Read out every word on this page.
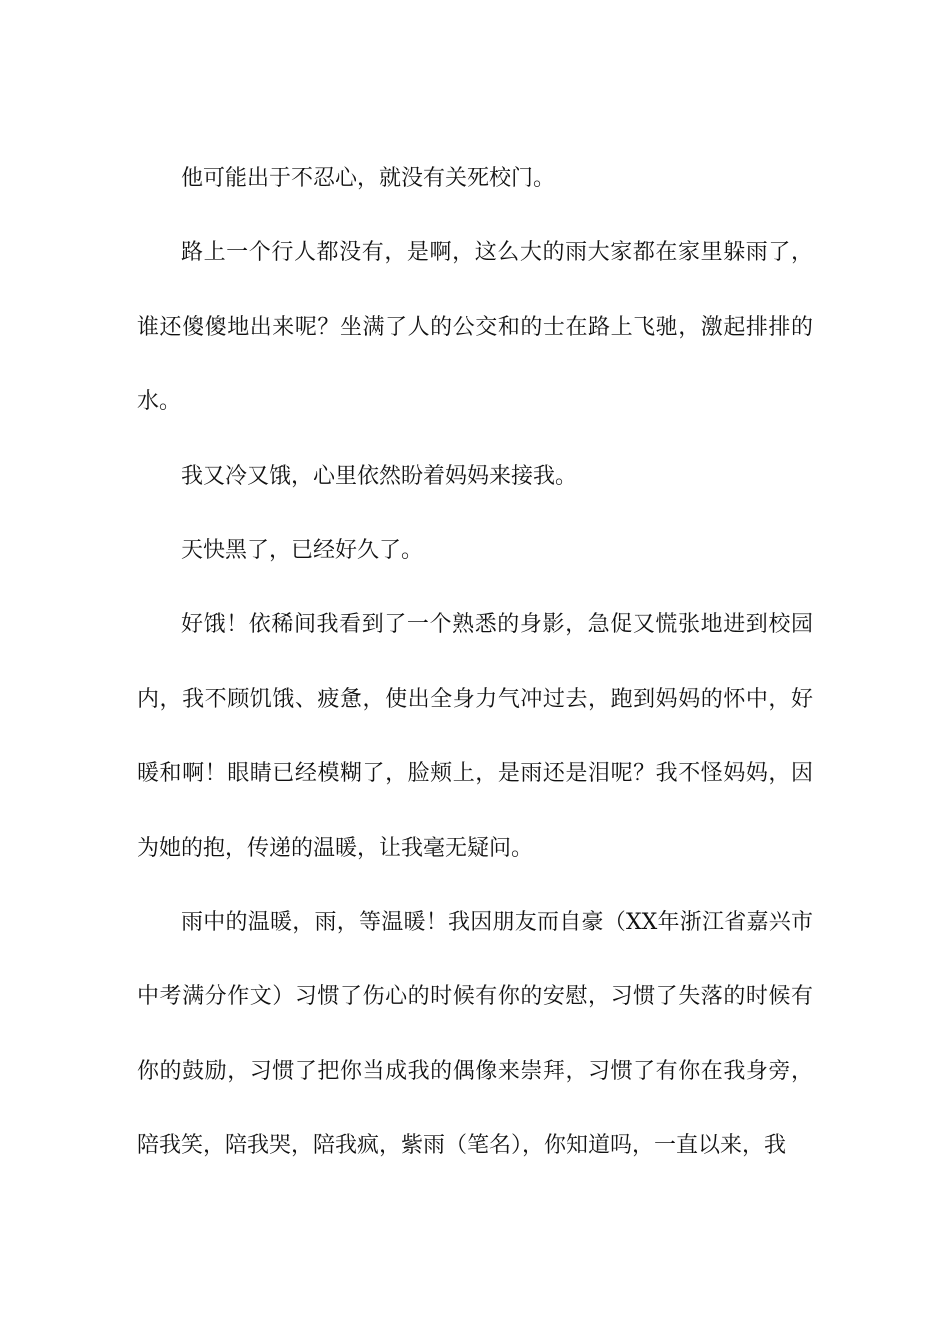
他可能出于不忍心，就没有关死校门。

路上一个行人都没有，是啊，这么大的雨大家都在家里躲雨了，谁还傻傻地出来呢？坐满了人的公交和的士在路上飞驰，激起排排的水。

我又冷又饿，心里依然盼着妈妈来接我。

天快黑了，已经好久了。

好饿！依稀间我看到了一个熟悉的身影，急促又慌张地进到校园内，我不顾饥饿、疲惫，使出全身力气冲过去，跑到妈妈的怀中，好暖和啊！眼睛已经模糊了，脸颊上，是雨还是泪呢？我不怪妈妈，因为她的抱，传递的温暖，让我毫无疑问。

雨中的温暖，雨，等温暖！我因朋友而自豪（XX年浙江省嘉兴市中考满分作文）习惯了伤心的时候有你的安慰，习惯了失落的时候有你的鼓励，习惯了把你当成我的偶像来崇拜，习惯了有你在我身旁，陪我笑，陪我哭，陪我疯，紫雨（笔名），你知道吗，一直以来，我
